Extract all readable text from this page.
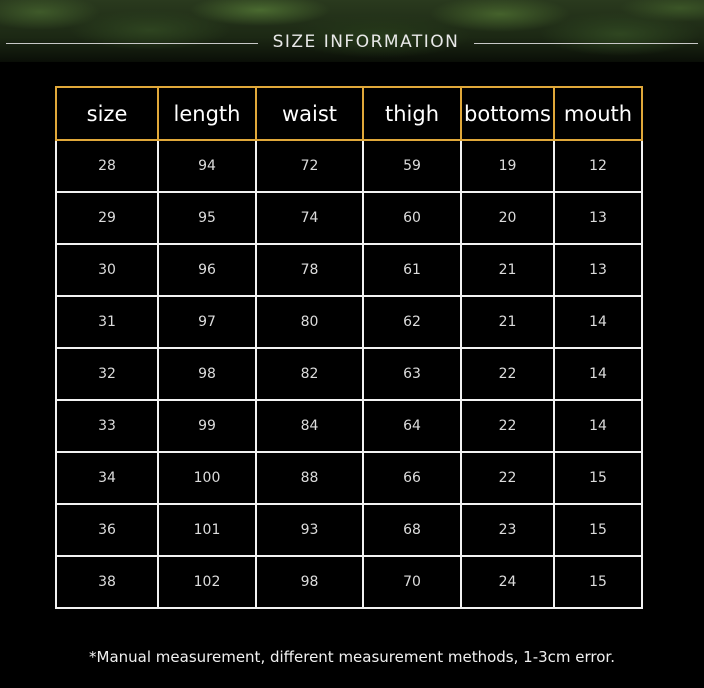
SIZE INFORMATION
size	length	waist	thigh	bottoms	mouth
28	94	72	59	19	12
29	95	74	60	20	13
30	96	78	61	21	13
31	97	80	62	21	14
32	98	82	63	22	14
33	99	84	64	22	14
34	100	88	66	22	15
36	101	93	68	23	15
38	102	98	70	24	15
*Manual measurement, different measurement methods, 1-3cm error.
